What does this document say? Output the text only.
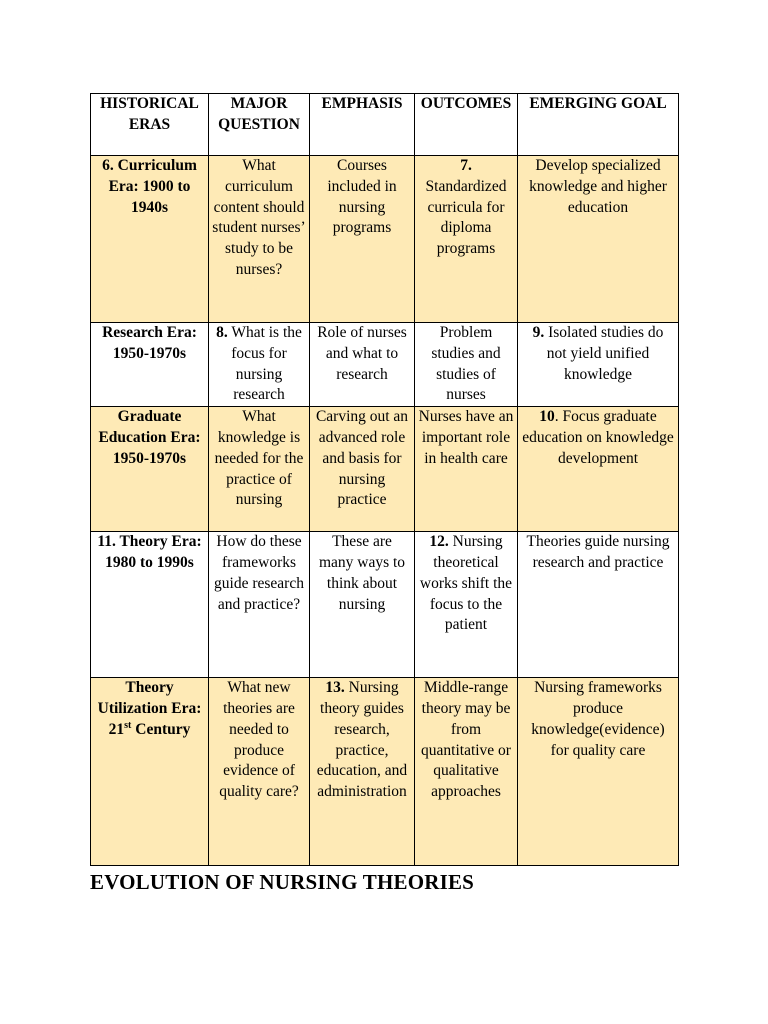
HISTORICAL ERAS	MAJOR QUESTION	EMPHASIS	OUTCOMES	EMERGING GOAL
6. Curriculum Era: 1900 to 1940s	What curriculum content should student nurses’ study to be nurses?	Courses included in nursing programs	7. Standardized curricula for diploma programs	Develop specialized knowledge and higher education
Research Era: 1950-1970s	8. What is the focus for nursing research	Role of nurses and what to research	Problem studies and studies of nurses	9. Isolated studies do not yield unified knowledge
Graduate Education Era: 1950-1970s	What knowledge is needed for the practice of nursing	Carving out an advanced role and basis for nursing practice	Nurses have an important role in health care	10. Focus graduate education on knowledge development
11. Theory Era: 1980 to 1990s	How do these frameworks guide research and practice?	These are many ways to think about nursing	12. Nursing theoretical works shift the focus to the patient	Theories guide nursing research and practice
Theory Utilization Era: 21st Century	What new theories are needed to produce evidence of quality care?	13. Nursing theory guides research, practice, education, and administration	Middle-range theory may be from quantitative or qualitative approaches	Nursing frameworks produce knowledge(evidence) for quality care
EVOLUTION OF NURSING THEORIES
